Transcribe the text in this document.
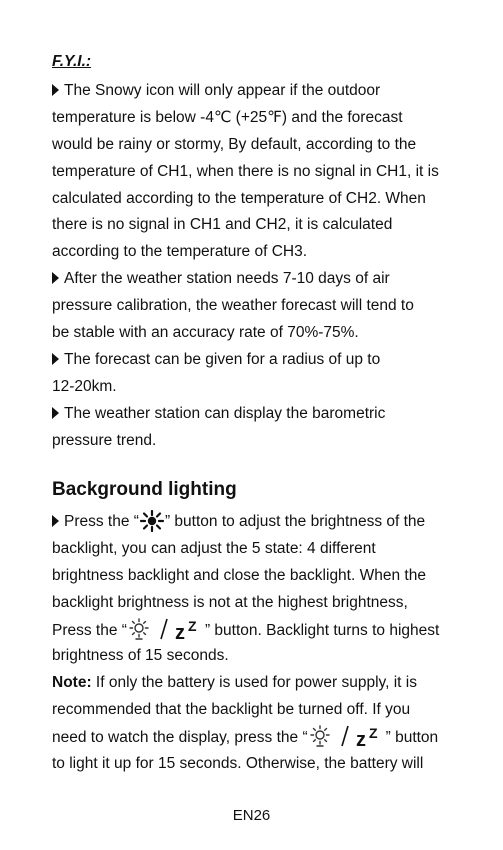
F.Y.I.:
The Snowy icon will only appear if the outdoor
temperature is below -4℃ (+25℉) and the forecast
would be rainy or stormy, By default, according to the
temperature of CH1, when there is no signal in CH1, it is
calculated according to the temperature of CH2. When
there is no signal in CH1 and CH2, it is calculated
according to the temperature of CH3.
After the weather station needs 7-10 days of air
pressure calibration, the weather forecast will tend to
be stable with an accuracy rate of 70%-75%.
The forecast can be given for a radius of up to
12-20km.
The weather station can display the barometric
pressure trend.
Background lighting
Press the “ ” button to adjust the brightness of the
backlight, you can adjust the 5 state: 4 different
brightness backlight and close the backlight. When the
backlight brightness is not at the highest brightness,
Press the “ z Z ” button. Backlight turns to highest
brightness of 15 seconds.
Note: If only the battery is used for power supply, it is
recommended that the backlight be turned off. If you
need to watch the display, press the “ z Z ” button
to light it up for 15 seconds. Otherwise, the battery will
EN26
